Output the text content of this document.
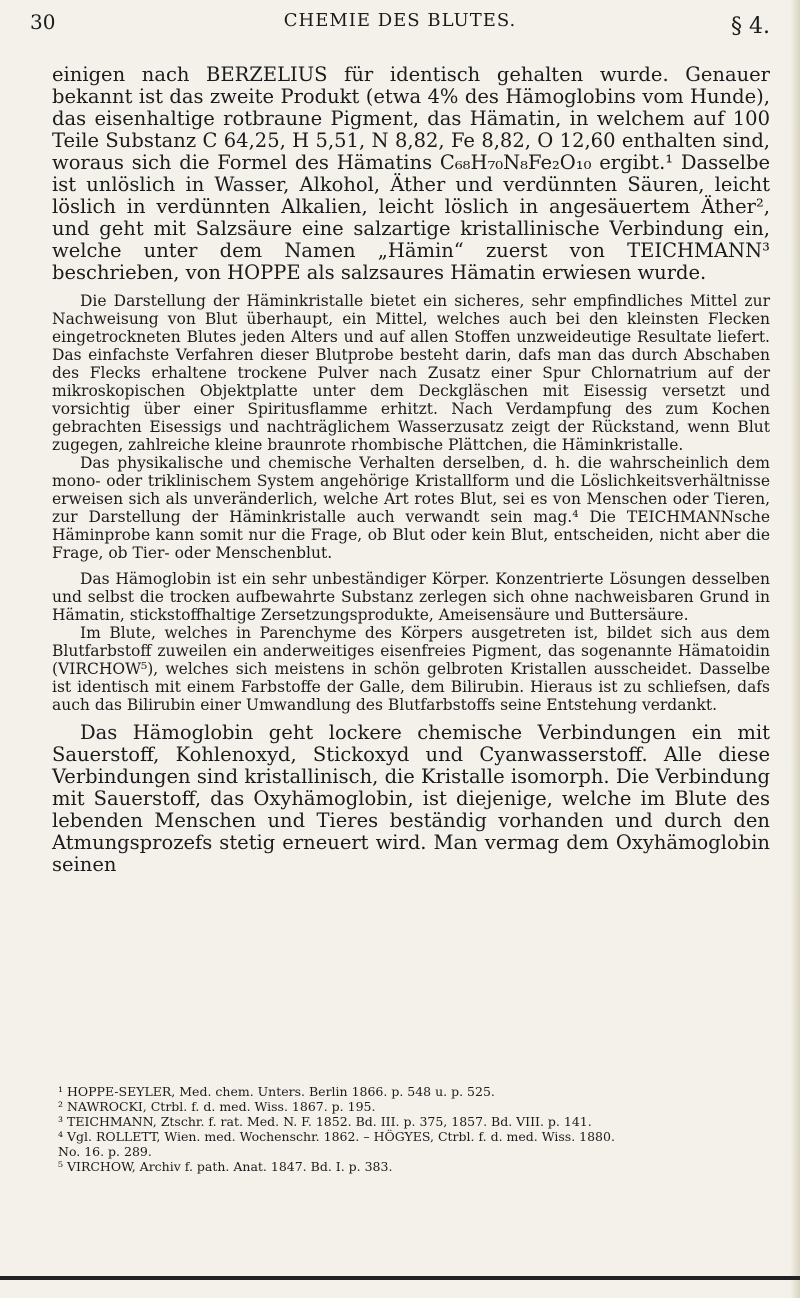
30	CHEMIE DES BLUTES.	§ 4.

einigen nach BERZELIUS für identisch gehalten wurde. Genauer bekannt ist das zweite Produkt (etwa 4% des Hämoglobins vom Hunde), das eisenhaltige rotbraune Pigment, das Hämatin, in welchem auf 100 Teile Substanz C 64,25, H 5,51, N 8,82, Fe 8,82, O 12,60 enthalten sind, woraus sich die Formel des Hämatins C₆₈H₇₀N₈Fe₂O₁₀ ergibt.¹ Dasselbe ist unlöslich in Wasser, Alkohol, Äther und verdünnten Säuren, leicht löslich in verdünnten Alkalien, leicht löslich in angesäuertem Äther², und geht mit Salzsäure eine salzartige kristallinische Verbindung ein, welche unter dem Namen „Hämin“ zuerst von TEICHMANN³ beschrieben, von HOPPE als salzsaures Hämatin erwiesen wurde.

Die Darstellung der Häminkristalle bietet ein sicheres, sehr empfindliches Mittel zur Nachweisung von Blut überhaupt, ein Mittel, welches auch bei den kleinsten Flecken eingetrockneten Blutes jeden Alters und auf allen Stoffen unzweideutige Resultate liefert. Das einfachste Verfahren dieser Blutprobe besteht darin, dafs man das durch Abschaben des Flecks erhaltene trockene Pulver nach Zusatz einer Spur Chlornatrium auf der mikroskopischen Objektplatte unter dem Deckgläschen mit Eisessig versetzt und vorsichtig über einer Spiritusflamme erhitzt. Nach Verdampfung des zum Kochen gebrachten Eisessigs und nachträglichem Wasserzusatz zeigt der Rückstand, wenn Blut zugegen, zahlreiche kleine braunrote rhombische Plättchen, die Häminkristalle.

Das physikalische und chemische Verhalten derselben, d. h. die wahrscheinlich dem mono- oder triklinischem System angehörige Kristallform und die Löslichkeitsverhältnisse erweisen sich als unveränderlich, welche Art rotes Blut, sei es von Menschen oder Tieren, zur Darstellung der Häminkristalle auch verwandt sein mag.⁴ Die TEICHMANNsche Häminprobe kann somit nur die Frage, ob Blut oder kein Blut, entscheiden, nicht aber die Frage, ob Tier- oder Menschenblut.

Das Hämoglobin ist ein sehr unbeständiger Körper. Konzentrierte Lösungen desselben und selbst die trocken aufbewahrte Substanz zerlegen sich ohne nachweisbaren Grund in Hämatin, stickstoffhaltige Zersetzungsprodukte, Ameisensäure und Buttersäure.

Im Blute, welches in Parenchyme des Körpers ausgetreten ist, bildet sich aus dem Blutfarbstoff zuweilen ein anderweitiges eisenfreies Pigment, das sogenannte Hämatoidin (VIRCHOW⁵), welches sich meistens in schön gelbroten Kristallen ausscheidet. Dasselbe ist identisch mit einem Farbstoffe der Galle, dem Bilirubin. Hieraus ist zu schliefsen, dafs auch das Bilirubin einer Umwandlung des Blutfarbstoffs seine Entstehung verdankt.

Das Hämoglobin geht lockere chemische Verbindungen ein mit Sauerstoff, Kohlenoxyd, Stickoxyd und Cyanwasserstoff. Alle diese Verbindungen sind kristallinisch, die Kristalle isomorph. Die Verbindung mit Sauerstoff, das Oxyhämoglobin, ist diejenige, welche im Blute des lebenden Menschen und Tieres beständig vorhanden und durch den Atmungsprozefs stetig erneuert wird. Man vermag dem Oxyhämoglobin seinen

¹ HOPPE-SEYLER, Med. chem. Unters. Berlin 1866. p. 548 u. p. 525.
² NAWROCKI, Ctrbl. f. d. med. Wiss. 1867. p. 195.
³ TEICHMANN, Ztschr. f. rat. Med. N. F. 1852. Bd. III. p. 375, 1857. Bd. VIII. p. 141.
⁴ Vgl. ROLLETT, Wien. med. Wochenschr. 1862. – HÖGYES, Ctrbl. f. d. med. Wiss. 1880.
No. 16. p. 289.
⁵ VIRCHOW, Archiv f. path. Anat. 1847. Bd. I. p. 383.
